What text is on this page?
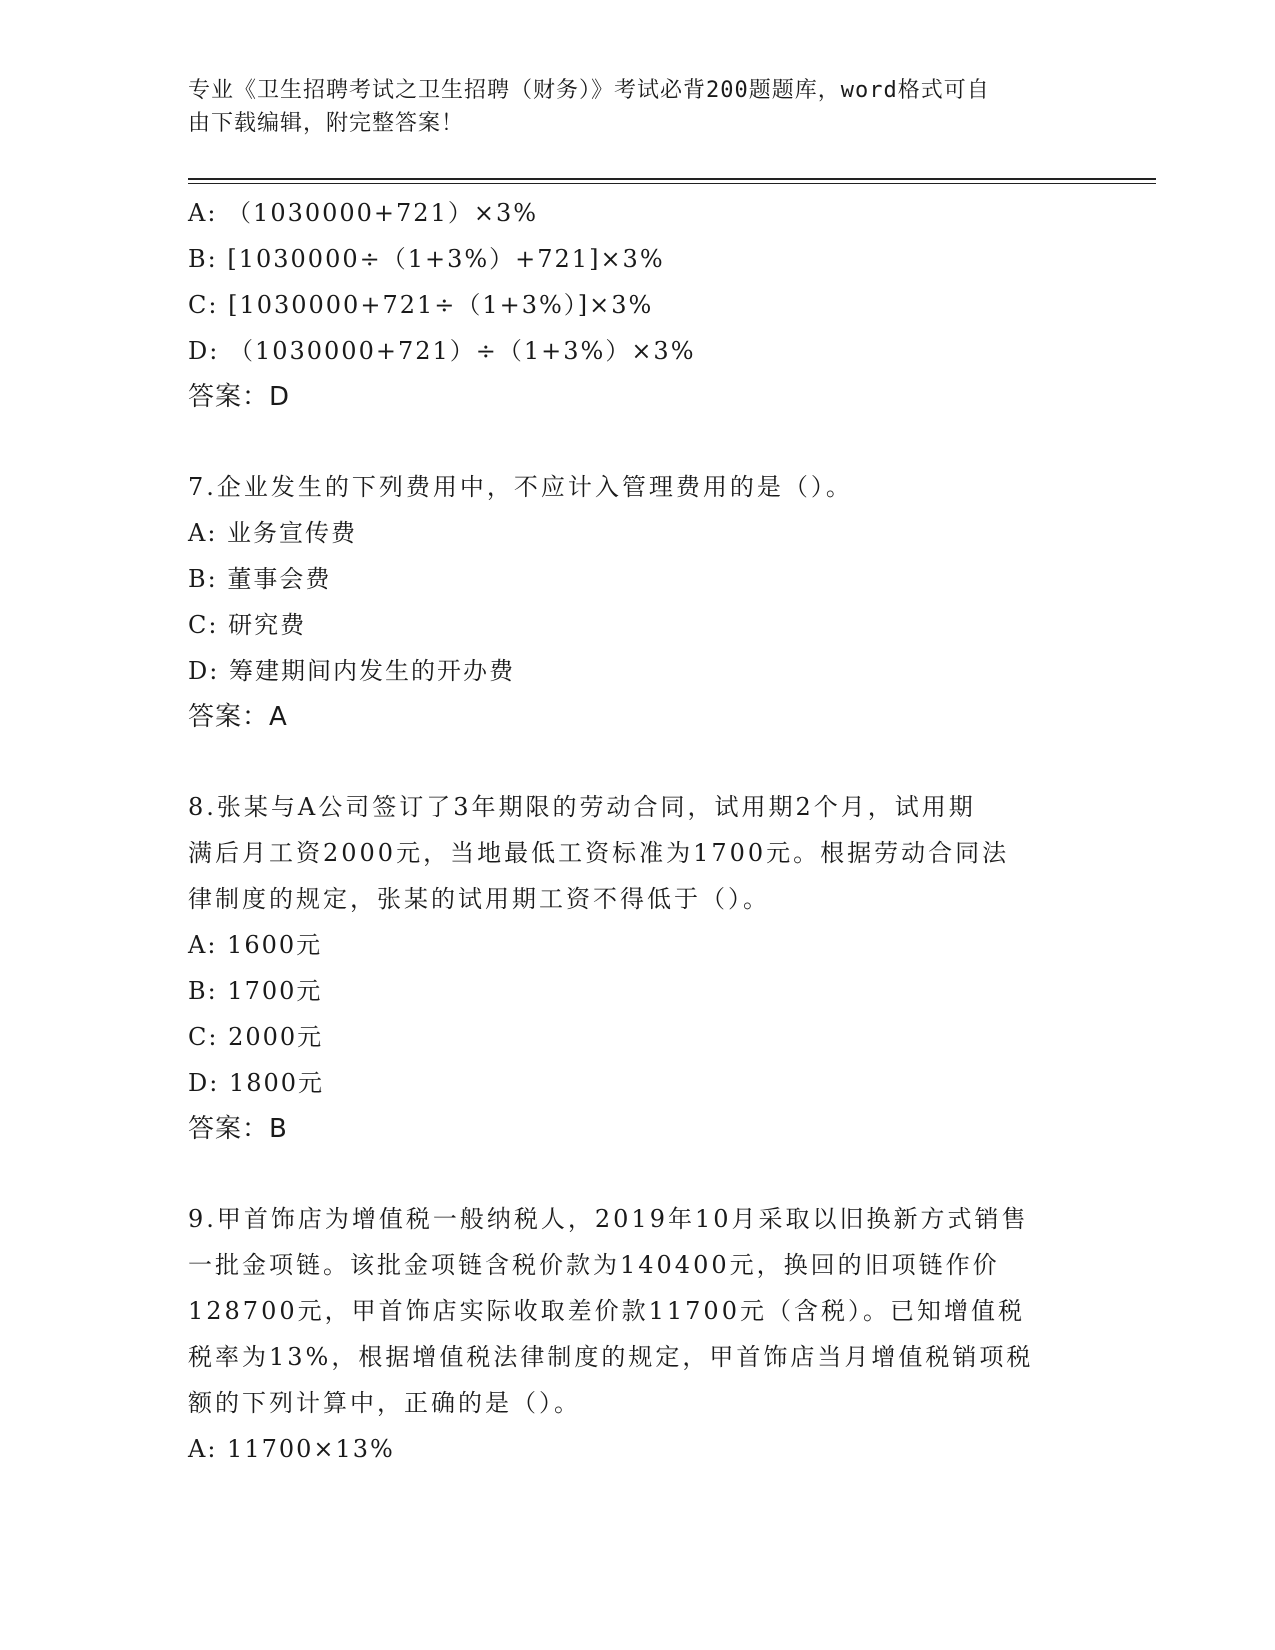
专业《卫生招聘考试之卫生招聘（财务）》考试必背200题题库，word格式可自
由下载编辑，附完整答案！
A: （1030000+721）×3%
B: [1030000÷（1+3%）+721]×3%
C: [1030000+721÷（1+3%）]×3%
D: （1030000+721）÷（1+3%）×3%
答案：D
7.企业发生的下列费用中，不应计入管理费用的是（）。
A: 业务宣传费
B: 董事会费
C: 研究费
D: 筹建期间内发生的开办费
答案：A
8.张某与A公司签订了3年期限的劳动合同，试用期2个月，试用期
满后月工资2000元，当地最低工资标准为1700元。根据劳动合同法
律制度的规定，张某的试用期工资不得低于（）。
A: 1600元
B: 1700元
C: 2000元
D: 1800元
答案：B
9.甲首饰店为增值税一般纳税人，2019年10月采取以旧换新方式销售
一批金项链。该批金项链含税价款为140400元，换回的旧项链作价
128700元，甲首饰店实际收取差价款11700元（含税）。已知增值税
税率为13%，根据增值税法律制度的规定，甲首饰店当月增值税销项税
额的下列计算中，正确的是（）。
A: 11700×13%
